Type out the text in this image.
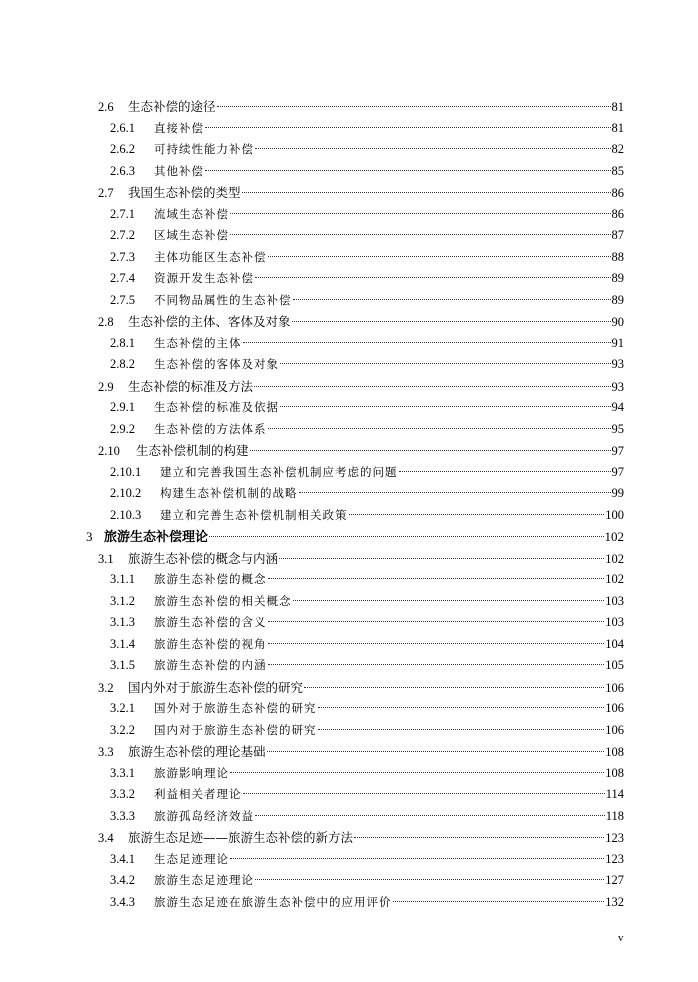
2.6	生态补偿的途径	81
2.6.1	直接补偿	81
2.6.2	可持续性能力补偿	82
2.6.3	其他补偿	85
2.7	我国生态补偿的类型	86
2.7.1	流域生态补偿	86
2.7.2	区域生态补偿	87
2.7.3	主体功能区生态补偿	88
2.7.4	资源开发生态补偿	89
2.7.5	不同物品属性的生态补偿	89
2.8	生态补偿的主体、客体及对象	90
2.8.1	生态补偿的主体	91
2.8.2	生态补偿的客体及对象	93
2.9	生态补偿的标准及方法	93
2.9.1	生态补偿的标准及依据	94
2.9.2	生态补偿的方法体系	95
2.10	生态补偿机制的构建	97
2.10.1	建立和完善我国生态补偿机制应考虑的问题	97
2.10.2	构建生态补偿机制的战略	99
2.10.3	建立和完善生态补偿机制相关政策	100
3 旅游生态补偿理论	102
3.1	旅游生态补偿的概念与内涵	102
3.1.1	旅游生态补偿的概念	102
3.1.2	旅游生态补偿的相关概念	103
3.1.3	旅游生态补偿的含义	103
3.1.4	旅游生态补偿的视角	104
3.1.5	旅游生态补偿的内涵	105
3.2	国内外对于旅游生态补偿的研究	106
3.2.1	国外对于旅游生态补偿的研究	106
3.2.2	国内对于旅游生态补偿的研究	106
3.3	旅游生态补偿的理论基础	108
3.3.1	旅游影响理论	108
3.3.2	利益相关者理论	114
3.3.3	旅游孤岛经济效益	118
3.4	旅游生态足迹——旅游生态补偿的新方法	123
3.4.1	生态足迹理论	123
3.4.2	旅游生态足迹理论	127
3.4.3	旅游生态足迹在旅游生态补偿中的应用评价	132
v
